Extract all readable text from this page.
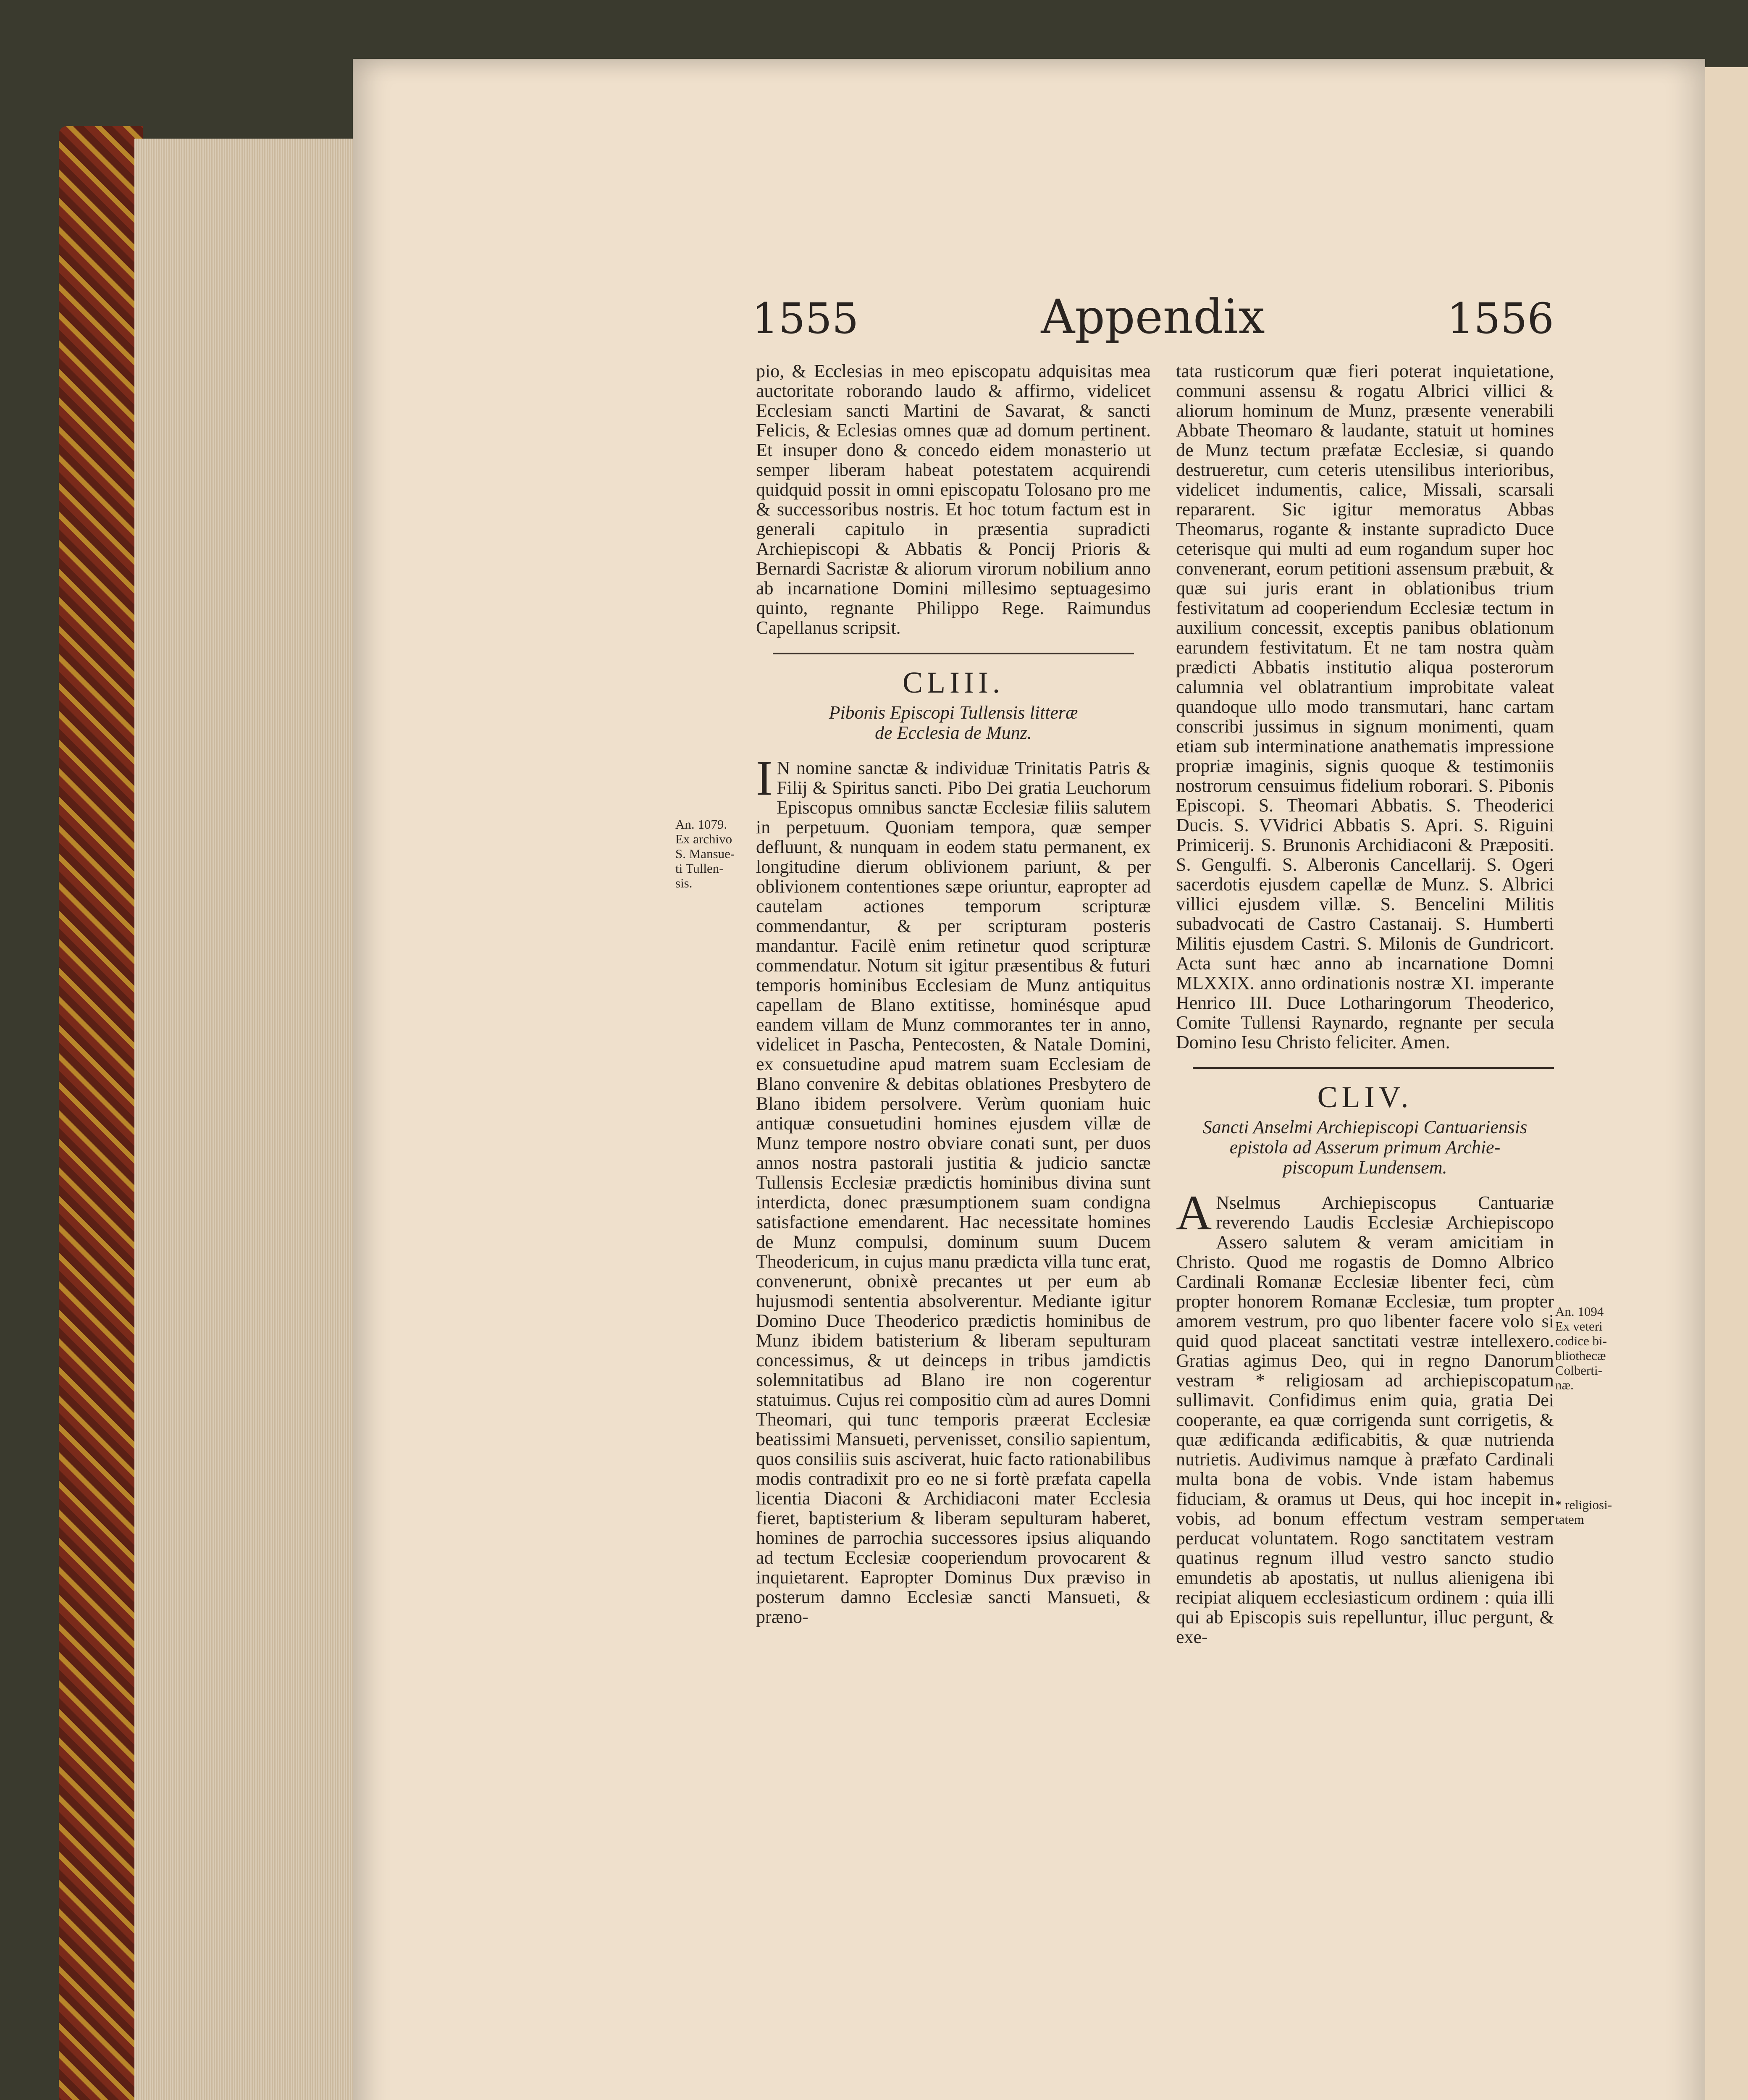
1555	Appendix	1556

pio, & Ecclesias in meo episcopatu adquisitas mea auctoritate roborando laudo & affirmo, videlicet Ecclesiam sancti Martini de Savarat, & sancti Felicis, & Eclesias omnes quæ ad domum pertinent. Et insuper dono & concedo eidem monasterio ut semper liberam habeat potestatem acquirendi quidquid possit in omni episcopatu Tolosano pro me & successoribus nostris. Et hoc totum factum est in generali capitulo in præsentia supradicti Archiepiscopi & Abbatis & Poncij Prioris & Bernardi Sacristæ & aliorum virorum nobilium anno ab incarnatione Domini millesimo septuagesimo quinto, regnante Philippo Rege. Raimundus Capellanus scripsit.

CLIII.
Pibonis Episcopi Tullensis litteræ
de Ecclesia de Munz.

I N nomine sanctæ & individuæ Trinitatis Patris & Filij & Spiritus sancti. Pibo Dei gratia Leuchorum Episcopus omnibus sanctæ Ecclesiæ filiis salutem in perpetuum. Quoniam tempora, quæ semper defluunt, & nunquam in eodem statu permanent, ex longitudine dierum oblivionem pariunt, & per oblivionem contentiones sæpe oriuntur, eapropter ad cautelam actiones temporum scripturæ commendantur, & per scripturam posteris mandantur. Facilè enim retinetur quod scripturæ commendatur. Notum sit igitur præsentibus & futuri temporis hominibus Ecclesiam de Munz antiquitus capellam de Blano extitisse, hominésque apud eandem villam de Munz commorantes ter in anno, videlicet in Pascha, Pentecosten, & Natale Domini, ex consuetudine apud matrem suam Ecclesiam de Blano convenire & debitas oblationes Presbytero de Blano ibidem persolvere. Verùm quoniam huic antiquæ consuetudini homines ejusdem villæ de Munz tempore nostro obviare conati sunt, per duos annos nostra pastorali justitia & judicio sanctæ Tullensis Ecclesiæ prædictis hominibus divina sunt interdicta, donec præsumptionem suam condigna satisfactione emendarent. Hac necessitate homines de Munz compulsi, dominum suum Ducem Theodericum, in cujus manu prædicta villa tunc erat, convenerunt, obnixè precantes ut per eum ab hujusmodi sententia absolverentur. Mediante igitur Domino Duce Theoderico prædictis hominibus de Munz ibidem batisterium & liberam sepulturam concessimus, & ut deinceps in tribus jamdictis solemnitatibus ad Blano ire non cogerentur statuimus. Cujus rei compositio cùm ad aures Domni Theomari, qui tunc temporis præerat Ecclesiæ beatissimi Mansueti, pervenisset, consilio sapientum, quos consiliis suis asciverat, huic facto rationabilibus modis contradixit pro eo ne si fortè præfata capella licentia Diaconi & Archidiaconi mater Ecclesia fieret, baptisterium & liberam sepulturam haberet, homines de parrochia successores ipsius aliquando ad tectum Ecclesiæ cooperiendum provocarent & inquietarent. Eapropter Dominus Dux prævisо in posterum damno Ecclesiæ sancti Mansueti, & præno-

An. 1079.
Ex archivo
S. Mansue-
ti Tullen-
sis.

tata rusticorum quæ fieri poterat inquietatione, communi assensu & rogatu Albrici villici & aliorum hominum de Munz, præsente venerabili Abbate Theomaro & laudante, statuit ut homines de Munz tectum præfatæ Ecclesiæ, si quando destrueretur, cum ceteris utensilibus interioribus, videlicet indumentis, calice, Missali, scarsali repararent. Sic igitur memoratus Abbas Theomarus, rogante & instante supradicto Duce ceterisque qui multi ad eum rogandum super hoc convenerant, eorum petitioni assensum præbuit, & quæ sui juris erant in oblationibus trium festivitatum ad cooperiendum Ecclesiæ tectum in auxilium concessit, exceptis panibus oblationum earundem festivitatum. Et ne tam nostra quàm prædicti Abbatis institutio aliqua posterorum calumnia vel oblatrantium improbitate valeat quandoque ullo modo transmutari, hanc cartam conscribi jussimus in signum monimenti, quam etiam sub interminatione anathematis impressione propriæ imaginis, signis quoque & testimoniis nostrorum censuimus fidelium roborari. S. Pibonis Episcopi. S. Theomari Abbatis. S. Theoderici Ducis. S. VVidrici Abbatis S. Apri. S. Riguini Primicerij. S. Brunonis Archidiaconi & Præpositi. S. Gengulfi. S. Alberonis Cancellarij. S. Ogeri sacerdotis ejusdem capellæ de Munz. S. Albrici villici ejusdem villæ. S. Bencelini Militis subadvocati de Castro Castanaij. S. Humberti Militis ejusdem Castri. S. Milonis de Gundricort. Acta sunt hæc anno ab incarnatione Domni MLXXIX. anno ordinationis nostræ XI. imperante Henrico III. Duce Lotharingorum Theoderico, Comite Tullensi Raynardo, regnante per secula Domino Iesu Christo feliciter. Amen.

CLIV.
Sancti Anselmi Archiepiscopi Cantuariensis
epistola ad Asserum primum Archie-
piscopum Lundensem.

A Nselmus Archiepiscopus Cantuariæ reverendo Laudis Ecclesiæ Archiepiscopo Assero salutem & veram amicitiam in Christo. Quod me rogastis de Domno Albrico Cardinali Romanæ Ecclesiæ libenter feci, cùm propter honorem Romanæ Ecclesiæ, tum propter amorem vestrum, pro quo libenter facere volo si quid quod placeat sanctitati vestræ intellexero. Gratias agimus Deo, qui in regno Danorum vestram * religiosam ad archiepiscopatum sullimavit. Confidimus enim quia, gratia Dei cooperante, ea quæ corrigenda sunt corrigetis, & quæ ædificanda ædificabitis, & quæ nutrienda nutrietis. Audivimus namque à præfato Cardinali multa bona de vobis. Vnde istam habemus fiduciam, & oramus ut Deus, qui hoc incepit in vobis, ad bonum effectum vestram semper perducat voluntatem. Rogo sanctitatem vestram quatinus regnum illud vestro sancto studio emundetis ab apostatis, ut nullus alienigena ibi recipiat aliquem ecclesiasticum ordinem : quia illi qui ab Episcopis suis repelluntur, illuc pergunt, & exe-

An. 1094
Ex veteri
codice bi-
bliothecæ
Colberti-
næ.
* religiosi-
tatem
